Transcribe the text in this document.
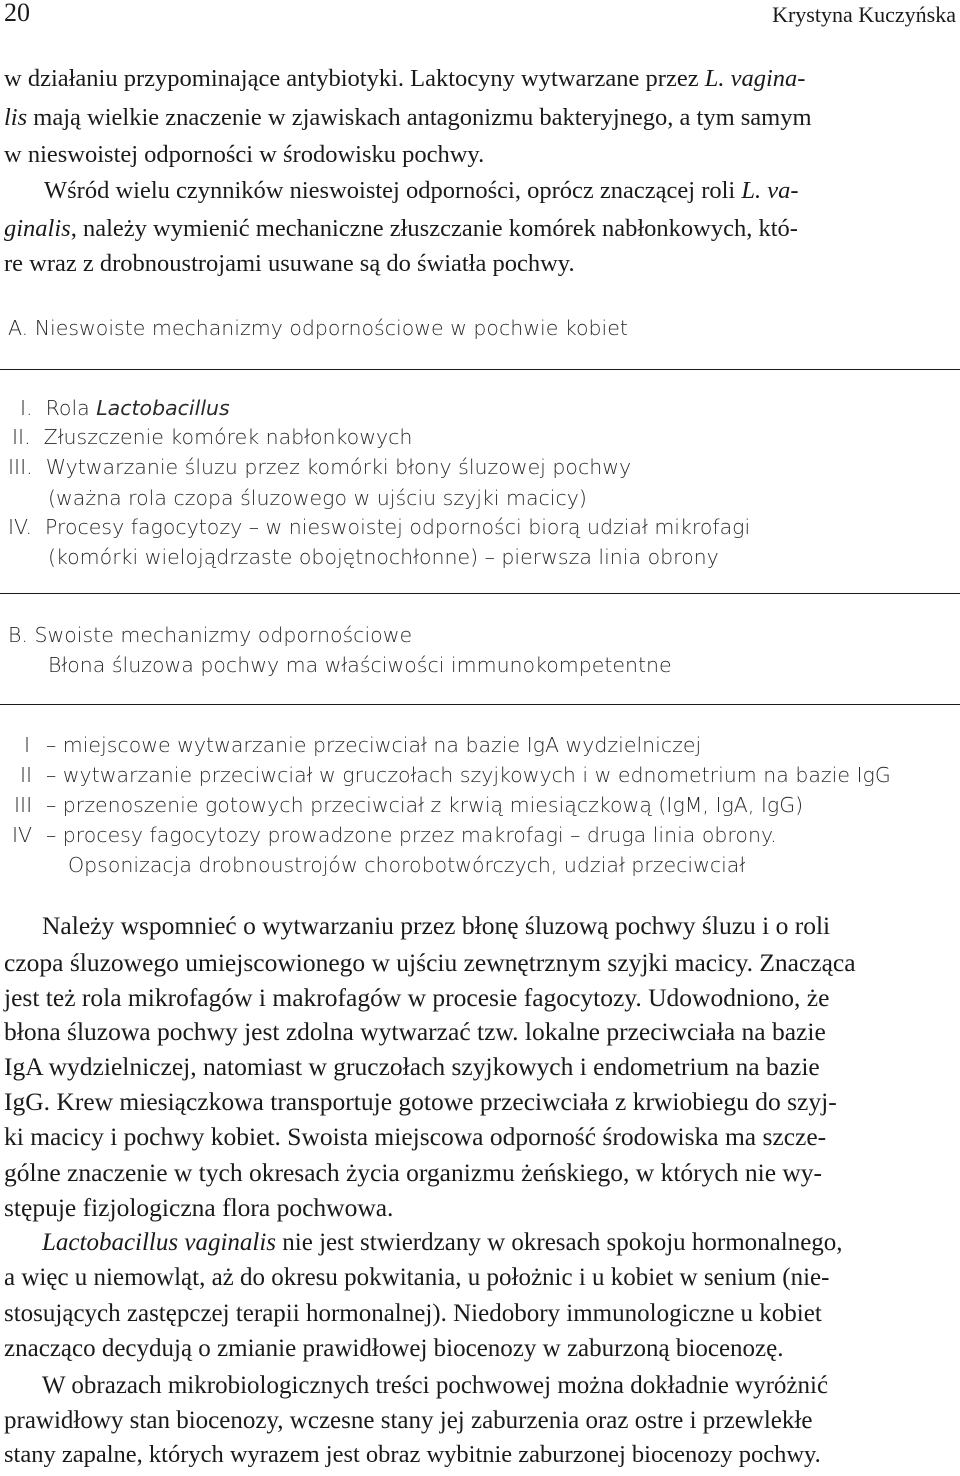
20	Krystyna Kuczyńska
w działaniu przypominające antybiotyki. Laktocyny wytwarzane przez L. vagina-
lis mają wielkie znaczenie w zjawiskach antagonizmu bakteryjnego, a tym samym
w nieswoistej odporności w środowisku pochwy.
Wśród wielu czynników nieswoistej odporności, oprócz znaczącej roli L. va-
ginalis, należy wymienić mechaniczne złuszczanie komórek nabłonkowych, któ-
re wraz z drobnoustrojami usuwane są do światła pochwy.
A. Nieswoiste mechanizmy odpornościowe w pochwie kobiet
I. Rola Lactobacillus
II. Złuszczenie komórek nabłonkowych
III. Wytwarzanie śluzu przez komórki błony śluzowej pochwy
(ważna rola czopa śluzowego w ujściu szyjki macicy)
IV. Procesy fagocytozy – w nieswoistej odporności biorą udział mikrofagi
(komórki wielojądrzaste obojętnochłonne) – pierwsza linia obrony
B. Swoiste mechanizmy odpornościowe
Błona śluzowa pochwy ma właściwości immunokompetentne
I – miejscowe wytwarzanie przeciwciał na bazie IgA wydzielniczej
II – wytwarzanie przeciwciał w gruczołach szyjkowych i w ednometrium na bazie IgG
III – przenoszenie gotowych przeciwciał z krwią miesiączkową (IgM, IgA, IgG)
IV – procesy fagocytozy prowadzone przez makrofagi – druga linia obrony.
Opsonizacja drobnoustrojów chorobotwórczych, udział przeciwciał
Należy wspomnieć o wytwarzaniu przez błonę śluzową pochwy śluzu i o roli
czopa śluzowego umiejscowionego w ujściu zewnętrznym szyjki macicy. Znacząca
jest też rola mikrofagów i makrofagów w procesie fagocytozy. Udowodniono, że
błona śluzowa pochwy jest zdolna wytwarzać tzw. lokalne przeciwciała na bazie
IgA wydzielniczej, natomiast w gruczołach szyjkowych i endometrium na bazie
IgG. Krew miesiączkowa transportuje gotowe przeciwciała z krwiobiegu do szyj-
ki macicy i pochwy kobiet. Swoista miejscowa odporność środowiska ma szcze-
gólne znaczenie w tych okresach życia organizmu żeńskiego, w których nie wy-
stępuje fizjologiczna flora pochwowa.
Lactobacillus vaginalis nie jest stwierdzany w okresach spokoju hormonalnego,
a więc u niemowląt, aż do okresu pokwitania, u położnic i u kobiet w senium (nie-
stosujących zastępczej terapii hormonalnej). Niedobory immunologiczne u kobiet
znacząco decydują o zmianie prawidłowej biocenozy w zaburzoną biocenozę.
W obrazach mikrobiologicznych treści pochwowej można dokładnie wyróżnić
prawidłowy stan biocenozy, wczesne stany jej zaburzenia oraz ostre i przewlekłe
stany zapalne, których wyrazem jest obraz wybitnie zaburzonej biocenozy pochwy.
